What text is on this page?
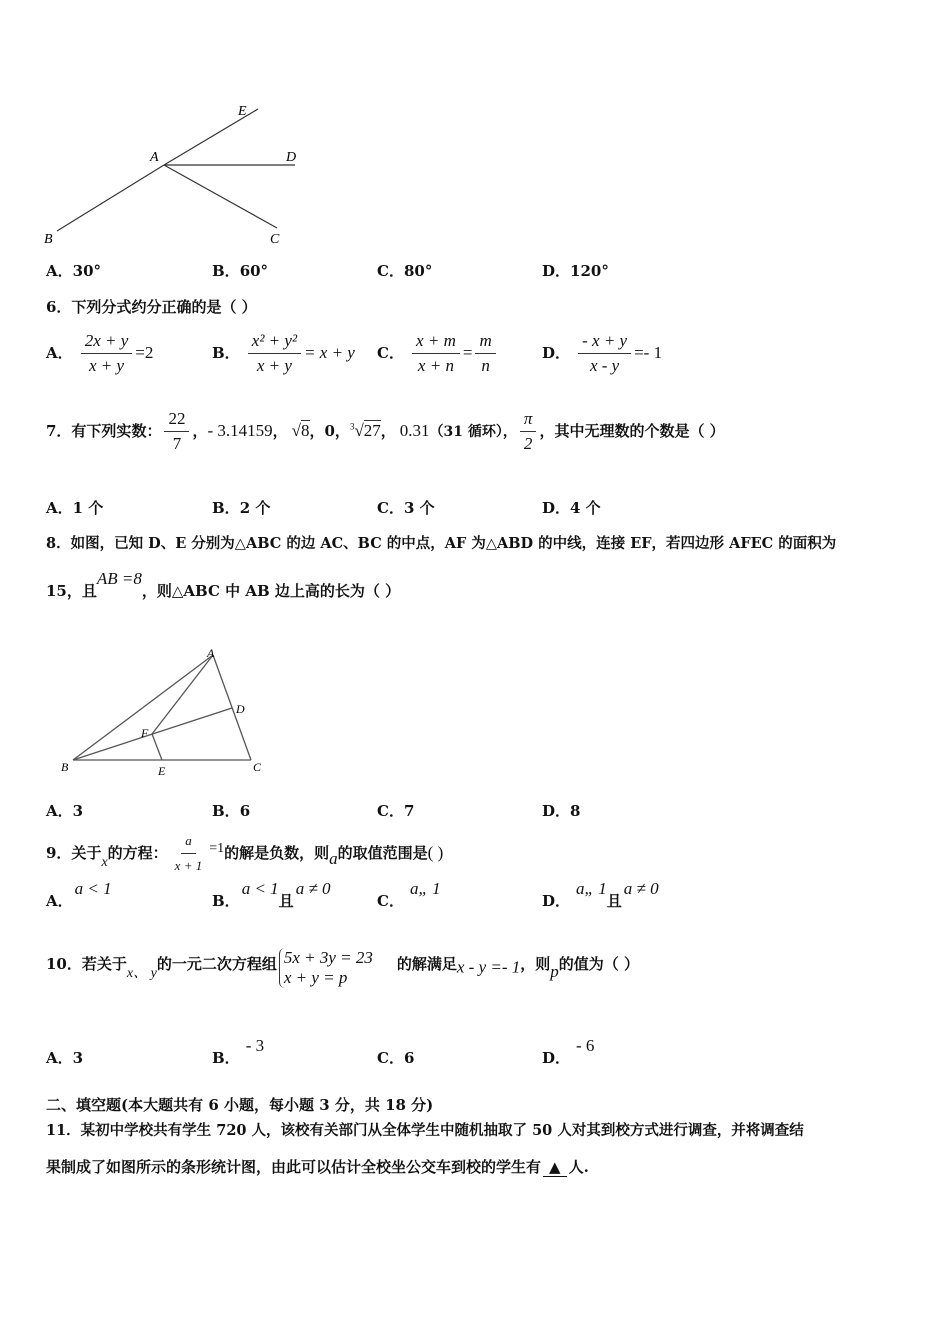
E
A	D
B	C
A．30°	B．60°	C．80°	D．120°
6．下列分式约分正确的是（ ）
A． $\frac{2x + y}{x + y} =2$	B． $\frac{\text{x² + y²}}{x + y} = x + y$ C． $\frac{x + m}{x + n} = \frac{m}{n}$	D． $\frac{- x + y}{x - y} =- 1$
7．有下列实数： $\frac{22}{7}$ ，- 3.14159， √8，0，$^3$√27， 0.31（31 循环）， $\frac{\pi}{2}$ ，其中无理数的个数是（ ）
A．1 个	B．2 个	C．3 个	D．4 个
8．如图，已知 D、E 分别为△ABC 的边 AC、BC 的中点，AF 为△ABD 的中线，连接 EF，若四边形 AFEC 的面积为
15，且AB =8，则△ABC 中 AB 边上高的长为（ ）
A
D
F
B	E	C
A．3	B．6	C．7	D．8
9．关于x的方程： $\frac{a}{x + 1} =1$的解是负数，则a的取值范围是( )
A．a < 1
B．a < 1且a ≠ 0
C．a„ 1
D．a„ 1且a ≠ 0
10．若关于x、 y的一元二次方程组 5x + 3y = 23
x + y = p
的解满足x - y =- 1，则p的值为（ ）
A．3	B．- 3
C．6	D．- 6
二、填空题(本大题共有 6 小题，每小题 3 分，共 18 分)
11．某初中学校共有学生 720 人，该校有关部门从全体学生中随机抽取了 50 人对其到校方式进行调查，并将调查结
果制成了如图所示的条形统计图，由此可以估计全校坐公交车到校的学生有 ▲ 人.
